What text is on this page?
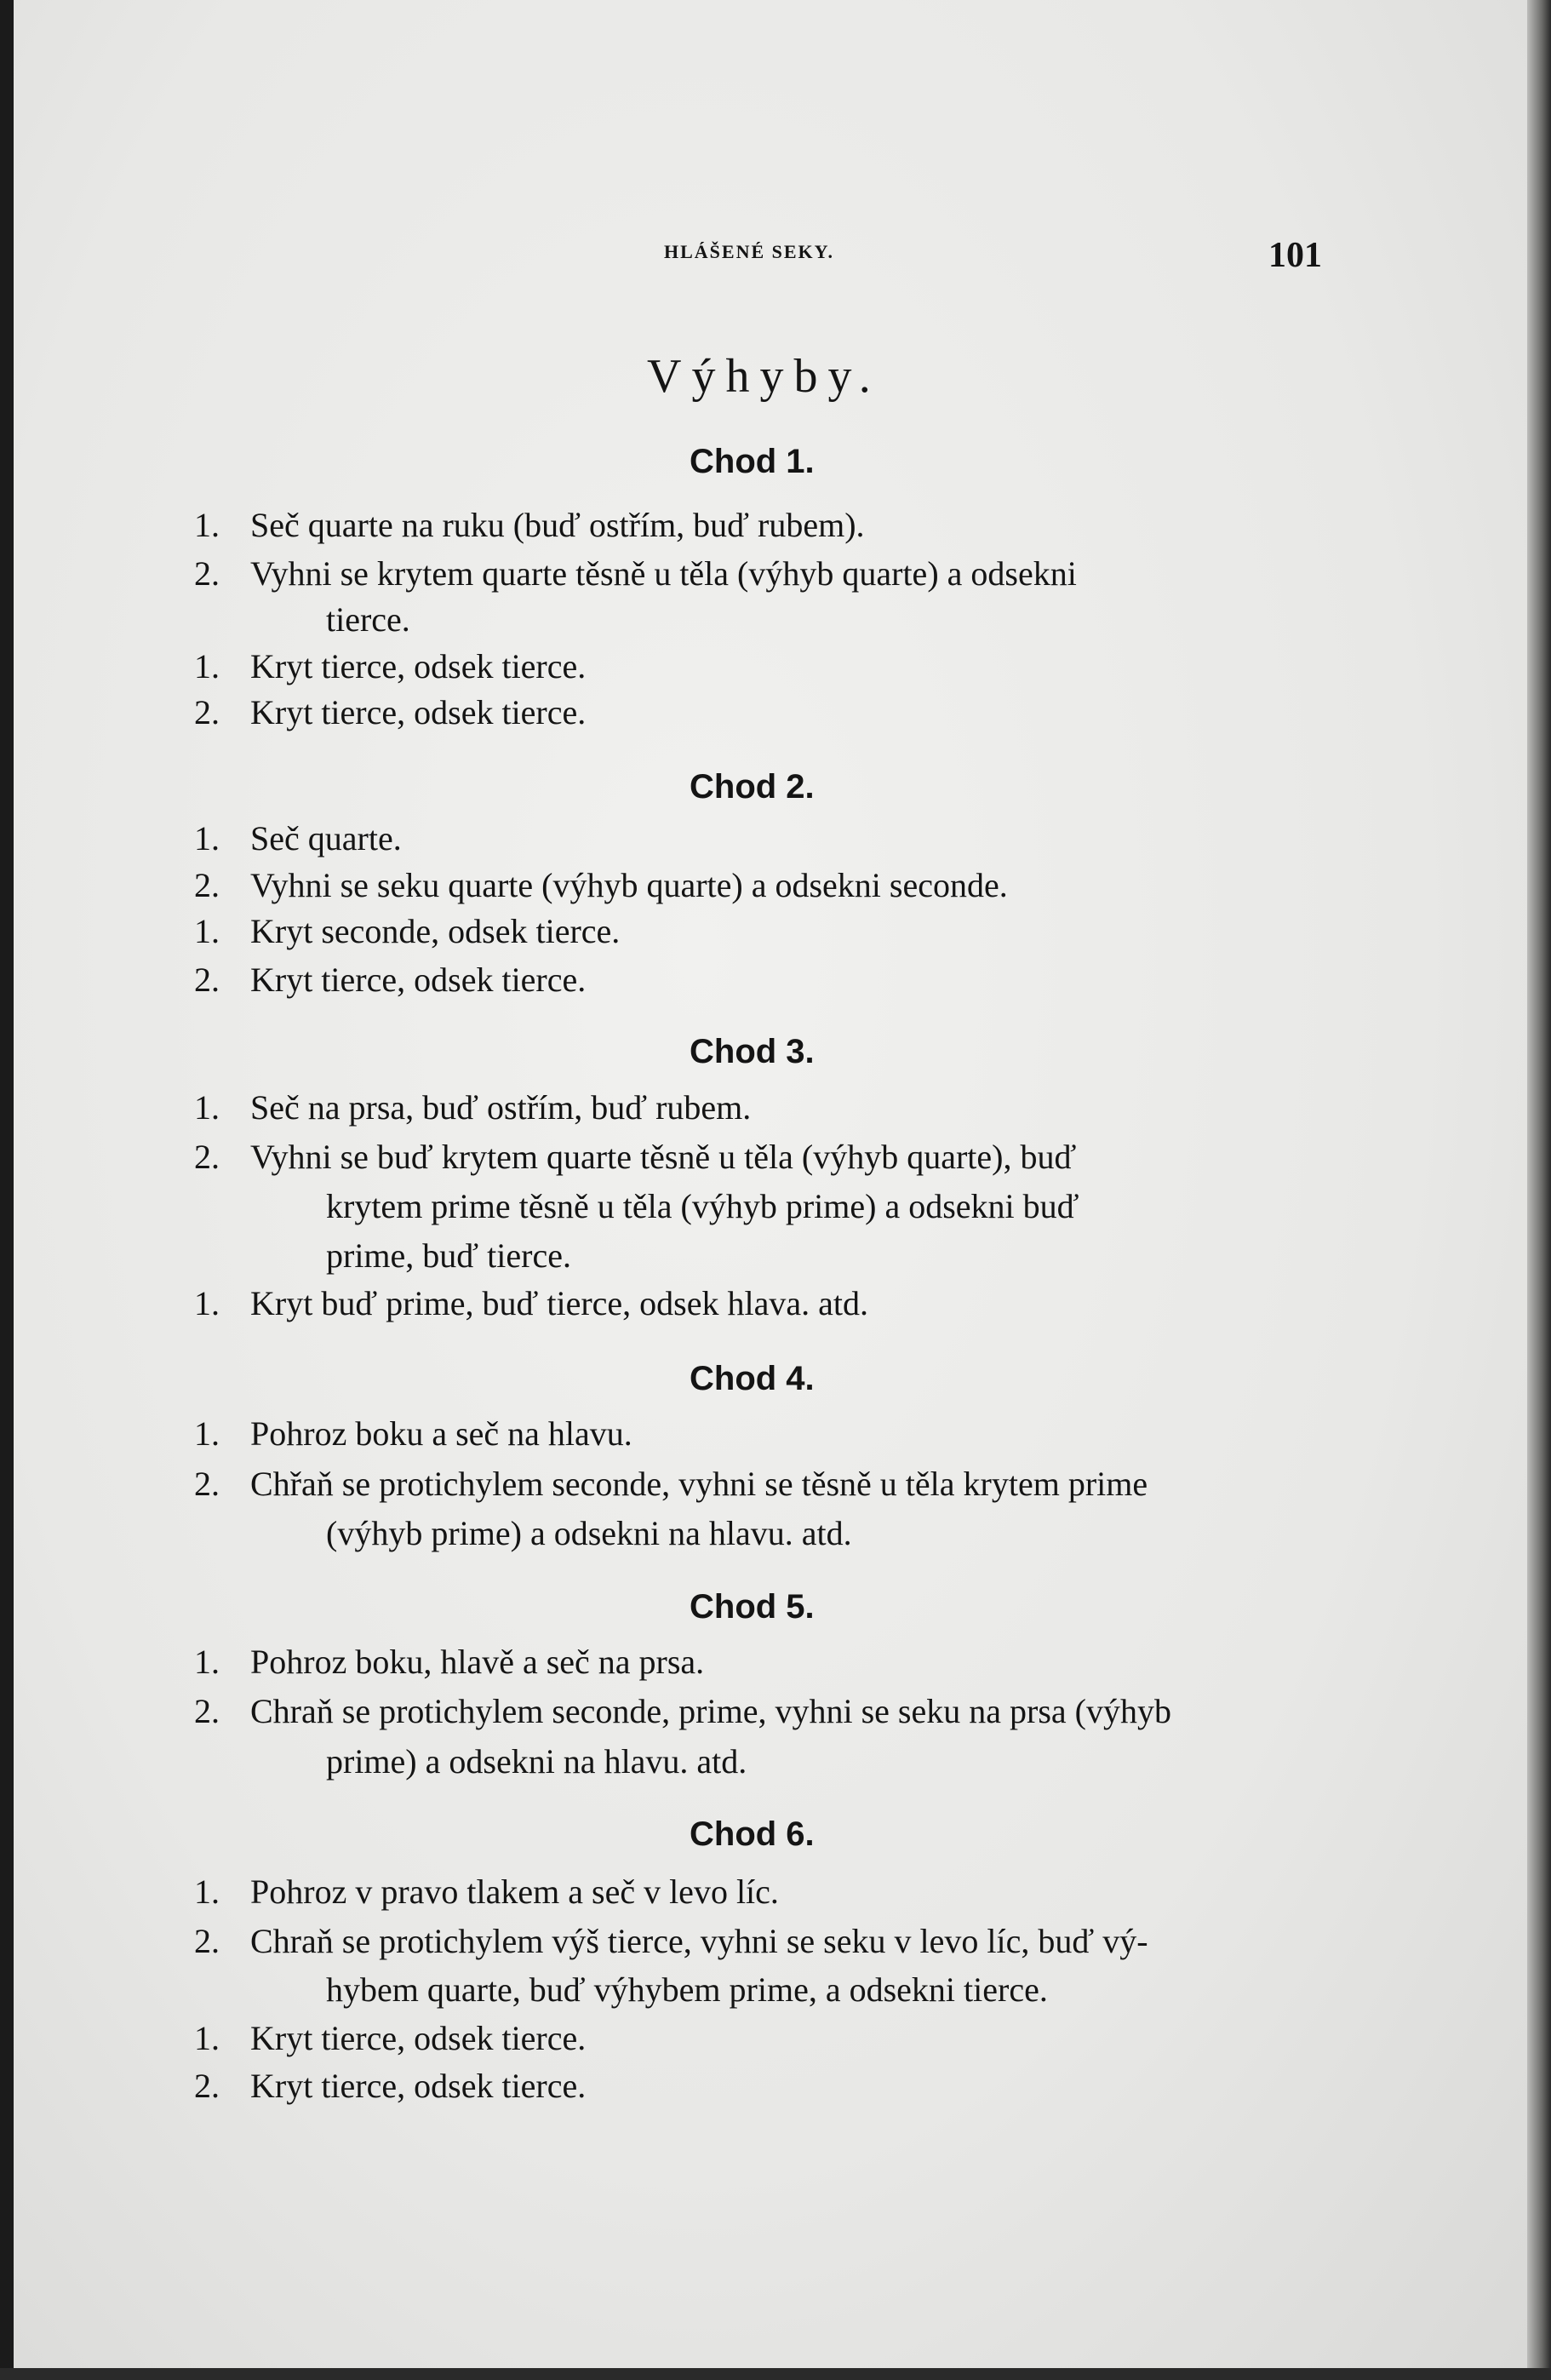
HLÁŠENÉ SEKY.	101
Výhyby.
Chod 1.
1. Seč quarte na ruku (buď ostřím, buď rubem).
2. Vyhni se krytem quarte těsně u těla (výhyb quarte) a odsekni
tierce.
1. Kryt tierce, odsek tierce.
2. Kryt tierce, odsek tierce.
Chod 2.
1. Seč quarte.
2. Vyhni se seku quarte (výhyb quarte) a odsekni seconde.
1. Kryt seconde, odsek tierce.
2. Kryt tierce, odsek tierce.
Chod 3.
1. Seč na prsa, buď ostřím, buď rubem.
2. Vyhni se buď krytem quarte těsně u těla (výhyb quarte), buď
krytem prime těsně u těla (výhyb prime) a odsekni buď
prime, buď tierce.
1. Kryt buď prime, buď tierce, odsek hlava. atd.
Chod 4.
1. Pohroz boku a seč na hlavu.
2. Chřaň se protichylem seconde, vyhni se těsně u těla krytem prime
(výhyb prime) a odsekni na hlavu. atd.
Chod 5.
1. Pohroz boku, hlavě a seč na prsa.
2. Chraň se protichylem seconde, prime, vyhni se seku na prsa (výhyb
prime) a odsekni na hlavu. atd.
Chod 6.
1. Pohroz v pravo tlakem a seč v levo líc.
2. Chraň se protichylem výš tierce, vyhni se seku v levo líc, buď vý-
hybem quarte, buď výhybem prime, a odsekni tierce.
1. Kryt tierce, odsek tierce.
2. Kryt tierce, odsek tierce.
